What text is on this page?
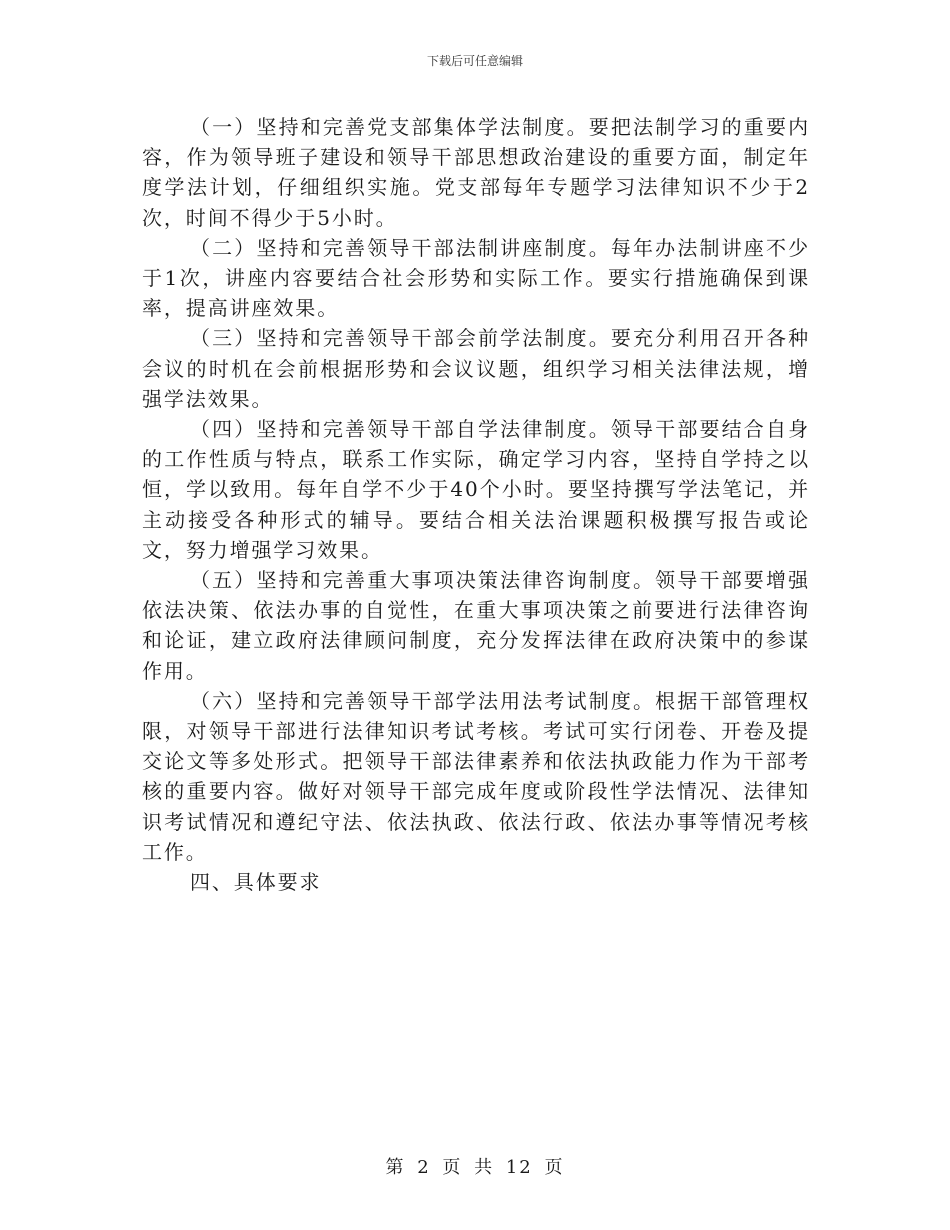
下载后可任意编辑

（一）坚持和完善党支部集体学法制度。要把法制学习的重要内容，作为领导班子建设和领导干部思想政治建设的重要方面，制定年度学法计划，仔细组织实施。党支部每年专题学习法律知识不少于2次，时间不得少于5小时。

（二）坚持和完善领导干部法制讲座制度。每年办法制讲座不少于1次，讲座内容要结合社会形势和实际工作。要实行措施确保到课率，提高讲座效果。

（三）坚持和完善领导干部会前学法制度。要充分利用召开各种会议的时机在会前根据形势和会议议题，组织学习相关法律法规，增强学法效果。

（四）坚持和完善领导干部自学法律制度。领导干部要结合自身的工作性质与特点，联系工作实际，确定学习内容，坚持自学持之以恒，学以致用。每年自学不少于40个小时。要坚持撰写学法笔记，并主动接受各种形式的辅导。要结合相关法治课题积极撰写报告或论文，努力增强学习效果。

（五）坚持和完善重大事项决策法律咨询制度。领导干部要增强依法决策、依法办事的自觉性，在重大事项决策之前要进行法律咨询和论证，建立政府法律顾问制度，充分发挥法律在政府决策中的参谋作用。

（六）坚持和完善领导干部学法用法考试制度。根据干部管理权限，对领导干部进行法律知识考试考核。考试可实行闭卷、开卷及提交论文等多处形式。把领导干部法律素养和依法执政能力作为干部考核的重要内容。做好对领导干部完成年度或阶段性学法情况、法律知识考试情况和遵纪守法、依法执政、依法行政、依法办事等情况考核工作。

四、具体要求

第 2 页 共 12 页
